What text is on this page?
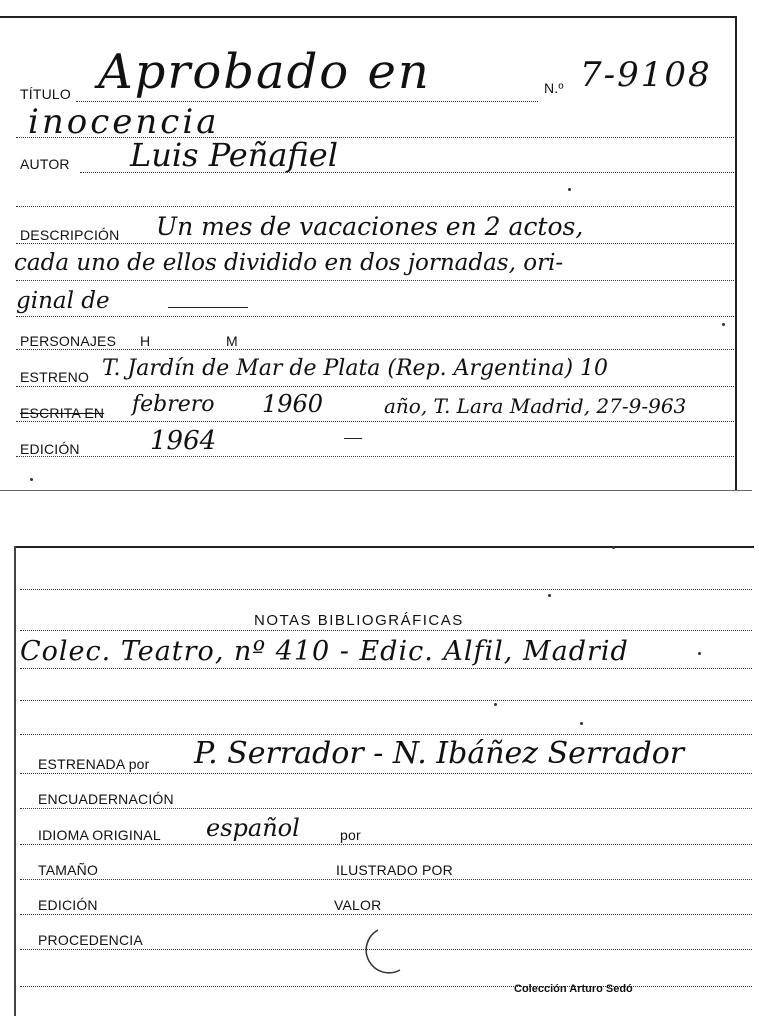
TÍTULO Aprobado en	N.º 7-9108
inocencia
AUTOR Luis Peñafiel
DESCRIPCIÓN Un mes de vacaciones en 2 actos,
cada uno de ellos dividido en dos jornadas, ori-
ginal de
PERSONAJES H	M
ESTRENO T. Jardín de Mar de Plata (Rep. Argentina) 10
ESCRITA EN febrero 1960	año, T. Lara Madrid, 27-9-963
EDICIÓN	1964
NOTAS BIBLIOGRÁFICAS
Colec. Teatro, nº 410 - Edic. Alfil, Madrid
ESTRENADA por P. Serrador - N. Ibáñez Serrador
ENCUADERNACIÓN
IDIOMA ORIGINAL español	por
TAMAÑO	ILUSTRADO POR
EDICIÓN	VALOR
PROCEDENCIA
Colección Arturo Sedó
